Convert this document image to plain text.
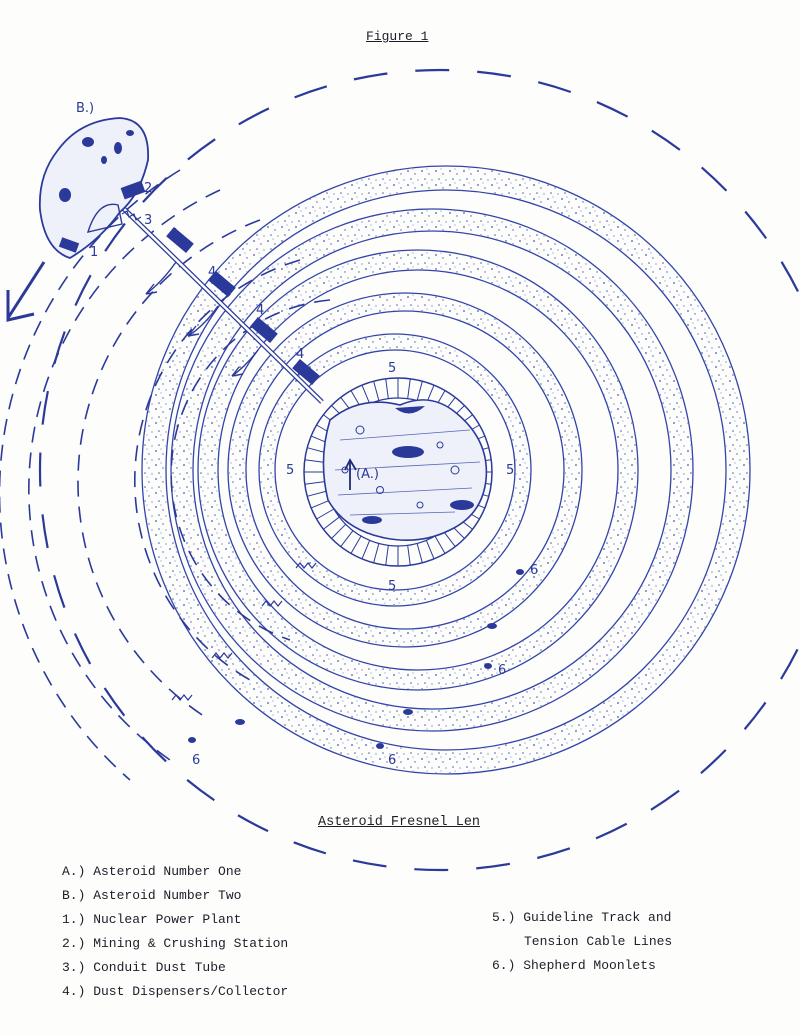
Figure 1
(A.)
B.)
2
1
3
4
4
4
4
5
5	5
5
6
6
6
6
Asteroid Fresnel Len
A.) Asteroid Number One
B.) Asteroid Number Two
1.) Nuclear Power Plant
2.) Mining & Crushing Station
3.) Conduit Dust Tube
4.) Dust Dispensers/Collector
5.) Guideline Track and
Tension Cable Lines
6.) Shepherd Moonlets
